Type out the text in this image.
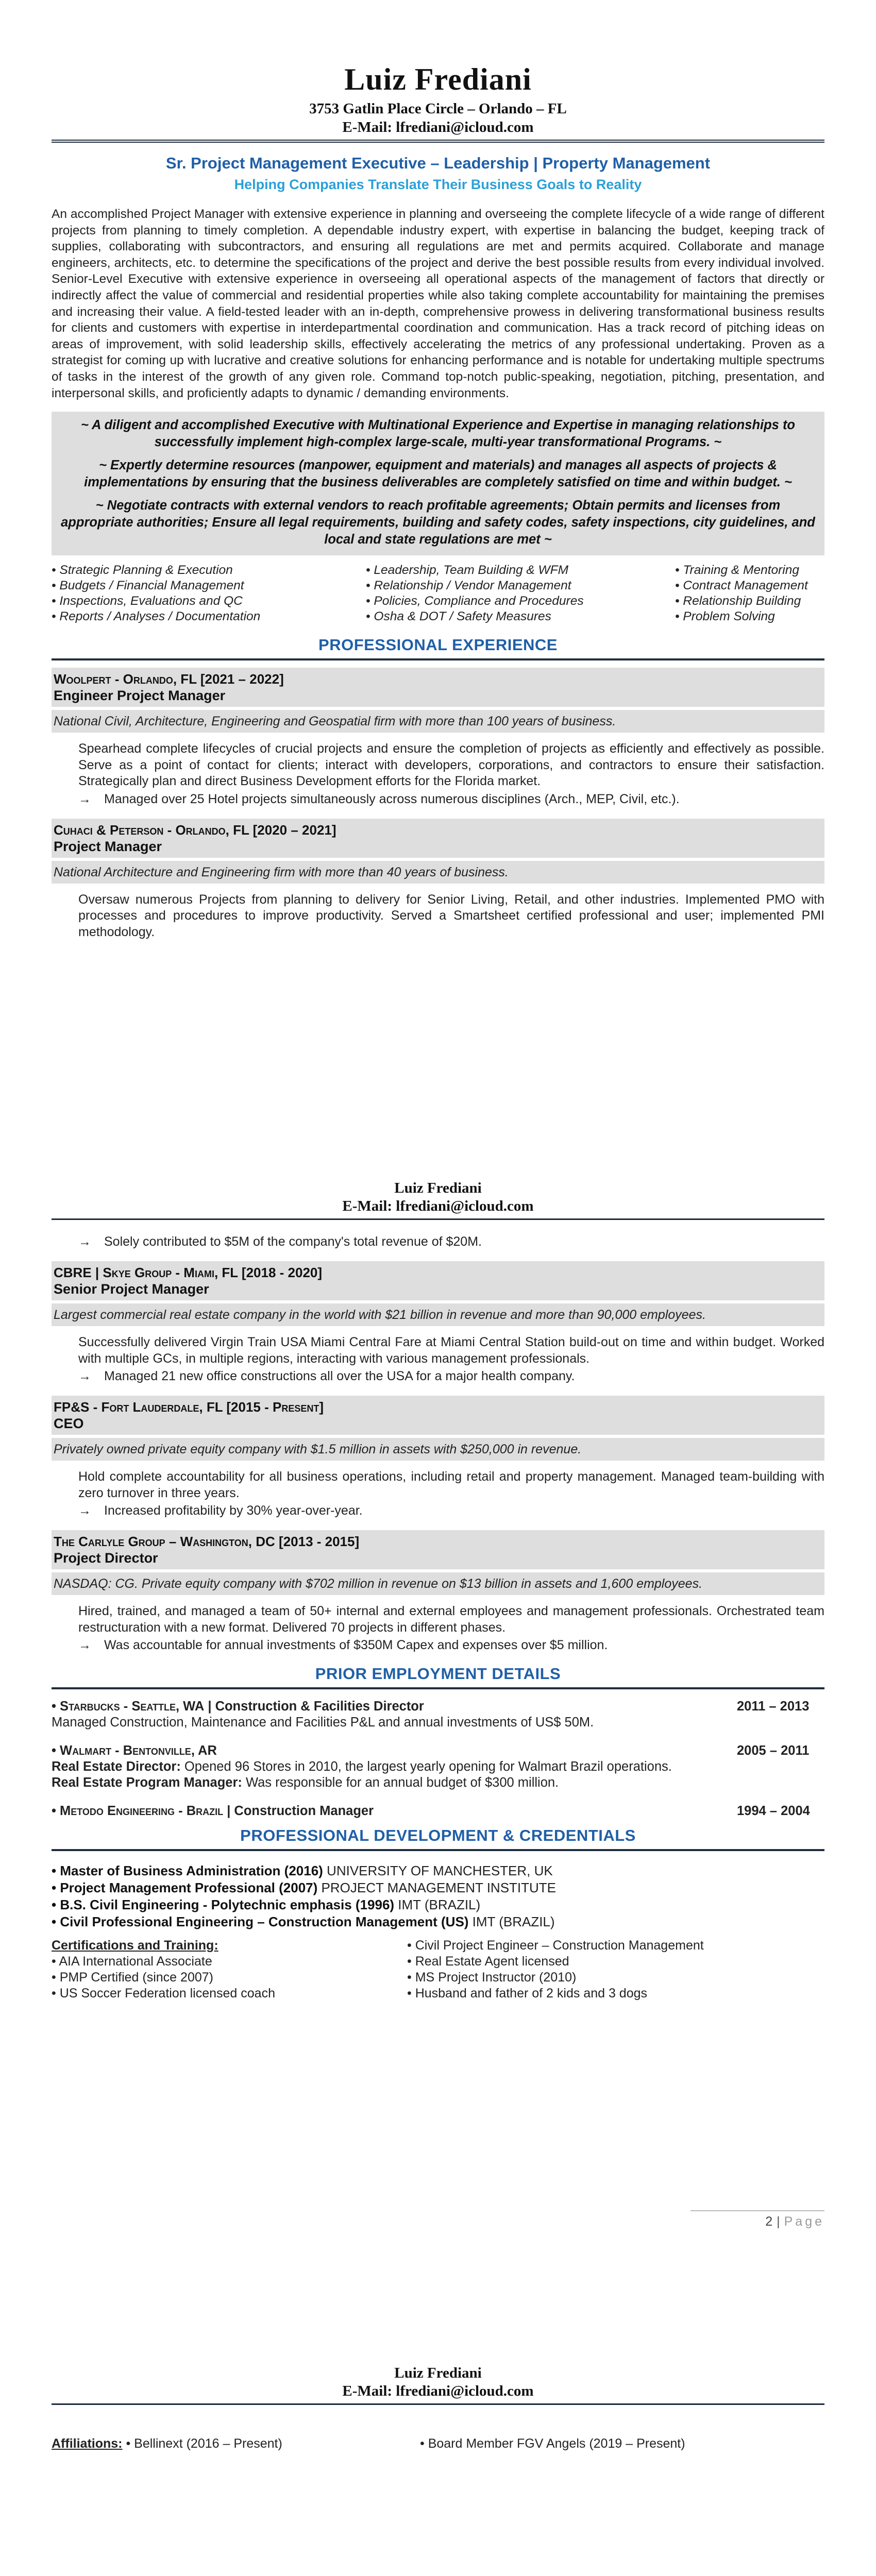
Luiz Frediani
3753 Gatlin Place Circle – Orlando – FL
E-Mail: lfrediani@icloud.com
Sr. Project Management Executive – Leadership | Property Management
Helping Companies Translate Their Business Goals to Reality

An accomplished Project Manager with extensive experience in planning and overseeing the complete lifecycle of a wide range of different projects from planning to timely completion. A dependable industry expert, with expertise in balancing the budget, keeping track of supplies, collaborating with subcontractors, and ensuring all regulations are met and permits acquired. Collaborate and manage engineers, architects, etc. to determine the specifications of the project and derive the best possible results from every individual involved. Senior-Level Executive with extensive experience in overseeing all operational aspects of the management of factors that directly or indirectly affect the value of commercial and residential properties while also taking complete accountability for maintaining the premises and increasing their value. A field-tested leader with an in-depth, comprehensive prowess in delivering transformational business results for clients and customers with expertise in interdepartmental coordination and communication. Has a track record of pitching ideas on areas of improvement, with solid leadership skills, effectively accelerating the metrics of any professional undertaking. Proven as a strategist for coming up with lucrative and creative solutions for enhancing performance and is notable for undertaking multiple spectrums of tasks in the interest of the growth of any given role. Command top-notch public-speaking, negotiation, pitching, presentation, and interpersonal skills, and proficiently adapts to dynamic / demanding environments.

~ A diligent and accomplished Executive with Multinational Experience and Expertise in managing relationships to successfully implement high-complex large-scale, multi-year transformational Programs. ~

~ Expertly determine resources (manpower, equipment and materials) and manages all aspects of projects & implementations by ensuring that the business deliverables are completely satisfied on time and within budget. ~

~ Negotiate contracts with external vendors to reach profitable agreements; Obtain permits and licenses from appropriate authorities; Ensure all legal requirements, building and safety codes, safety inspections, city guidelines, and local and state regulations are met ~

• Strategic Planning & Execution
• Budgets / Financial Management
• Inspections, Evaluations and QC
• Reports / Analyses / Documentation
• Leadership, Team Building & WFM
• Relationship / Vendor Management
• Policies, Compliance and Procedures
• Osha & DOT / Safety Measures
• Training & Mentoring
• Contract Management
• Relationship Building
• Problem Solving
PROFESSIONAL EXPERIENCE
Woolpert - Orlando, FL [2021 – 2022]
Engineer Project Manager
National Civil, Architecture, Engineering and Geospatial firm with more than 100 years of business.

Spearhead complete lifecycles of crucial projects and ensure the completion of projects as efficiently and effectively as possible. Serve as a point of contact for clients; interact with developers, corporations, and contractors to ensure their satisfaction. Strategically plan and direct Business Development efforts for the Florida market.

→ Managed over 25 Hotel projects simultaneously across numerous disciplines (Arch., MEP, Civil, etc.).
Cuhaci & Peterson - Orlando, FL [2020 – 2021]
Project Manager
National Architecture and Engineering firm with more than 40 years of business.

Oversaw numerous Projects from planning to delivery for Senior Living, Retail, and other industries. Implemented PMO with processes and procedures to improve productivity. Served a Smartsheet certified professional and user; implemented PMI methodology.

Luiz Frediani
E-Mail: lfrediani@icloud.com
→ Solely contributed to $5M of the company's total revenue of $20M.
CBRE | Skye Group - Miami, FL [2018 - 2020]
Senior Project Manager
Largest commercial real estate company in the world with $21 billion in revenue and more than 90,000 employees.

Successfully delivered Virgin Train USA Miami Central Fare at Miami Central Station build-out on time and within budget. Worked with multiple GCs, in multiple regions, interacting with various management professionals.

→ Managed 21 new office constructions all over the USA for a major health company.
FP&S - Fort Lauderdale, FL [2015 - Present]
CEO
Privately owned private equity company with $1.5 million in assets with $250,000 in revenue.

Hold complete accountability for all business operations, including retail and property management. Managed team-building with zero turnover in three years.

→ Increased profitability by 30% year-over-year.
The Carlyle Group – Washington, DC [2013 - 2015]
Project Director
NASDAQ: CG. Private equity company with $702 million in revenue on $13 billion in assets and 1,600 employees.

Hired, trained, and managed a team of 50+ internal and external employees and management professionals. Orchestrated team restructuration with a new format. Delivered 70 projects in different phases.

→ Was accountable for annual investments of $350M Capex and expenses over $5 million.
PRIOR EMPLOYMENT DETAILS
• Starbucks - Seattle, WA | Construction & Facilities Director	2011 – 2013
Managed Construction, Maintenance and Facilities P&L and annual investments of US$ 50M.
• Walmart - Bentonville, AR	2005 – 2011
Real Estate Director: Opened 96 Stores in 2010, the largest yearly opening for Walmart Brazil operations.
Real Estate Program Manager: Was responsible for an annual budget of $300 million.
• Metodo Engineering - Brazil | Construction Manager	1994 – 2004
PROFESSIONAL DEVELOPMENT & CREDENTIALS
• Master of Business Administration (2016) UNIVERSITY OF MANCHESTER, UK
• Project Management Professional (2007) PROJECT MANAGEMENT INSTITUTE
• B.S. Civil Engineering - Polytechnic emphasis (1996) IMT (BRAZIL)
• Civil Professional Engineering – Construction Management (US) IMT (BRAZIL)
Certifications and Training:
• AIA International Associate
• PMP Certified (since 2007)
• US Soccer Federation licensed coach
• Civil Project Engineer – Construction Management
• Real Estate Agent licensed
• MS Project Instructor (2010)
• Husband and father of 2 kids and 3 dogs
2 | Page
Luiz Frediani
E-Mail: lfrediani@icloud.com
Affiliations: • Bellinext (2016 – Present)	• Board Member FGV Angels (2019 – Present)
